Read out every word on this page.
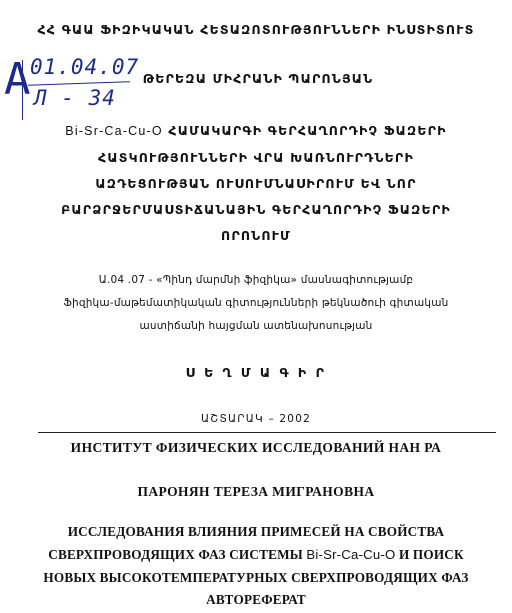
ՀՀ ԳԱԱ ՖԻԶԻԿԱԿԱՆ ՀԵՏԱԶՈՏՈՒԹՅՈՒՆՆԵՐԻ ԻՆՍՏԻՏՈՒՏ
A 01.04.07
Л - 34
ԹԵՐԵԶԱ ՄԻՀՐԱՆԻ ՊԱՐՈՆՅԱՆ
Bi-Sr-Ca-Cu-O ՀԱՄԱԿԱՐԳԻ ԳԵՐՀԱՂՈՐԴԻՉ ՖԱԶԵՐԻ
ՀԱՏԿՈՒԹՅՈՒՆՆԵՐԻ ՎՐԱ ԽԱՌՆՈՒՐԴՆԵՐԻ
ԱԶԴԵՑՈՒԹՅԱՆ ՈՒՍՈՒՄՆԱՍԻՐՈՒՄ ԵՎ ՆՈՐ
ԲԱՐՁՐՋԵՐՄԱՍՏԻՃԱՆԱՅԻՆ ԳԵՐՀԱՂՈՐԴԻՉ ՖԱԶԵՐԻ
ՈՐՈՆՈՒՄ
Ա.04 .07 - «Պինդ մարմնի ֆիզիկա» մասնագիտությամբ
Ֆիզիկա-մաթեմատիկական գիտությունների թեկնածուի գիտական
աստիճանի հայցման ատենախոսության
Ս Ե Ղ Մ Ա Գ Ի Ր
ԱՇՏԱՐԱԿ – 2002
ИНСТИТУТ ФИЗИЧЕСКИХ ИССЛЕДОВАНИЙ НАН РА
ПАРОНЯН ТЕРЕЗА МИГРАНОВНА
ИССЛЕДОВАНИЯ ВЛИЯНИЯ ПРИМЕСЕЙ НА СВОЙСТВА
СВЕРХПРОВОДЯЩИХ ФАЗ СИСТЕМЫ Bi-Sr-Ca-Cu-O И ПОИСК
НОВЫХ ВЫСОКОТЕМПЕРАТУРНЫХ СВЕРХПРОВОДЯЩИХ ФАЗ
АВТОРЕФЕРАТ
